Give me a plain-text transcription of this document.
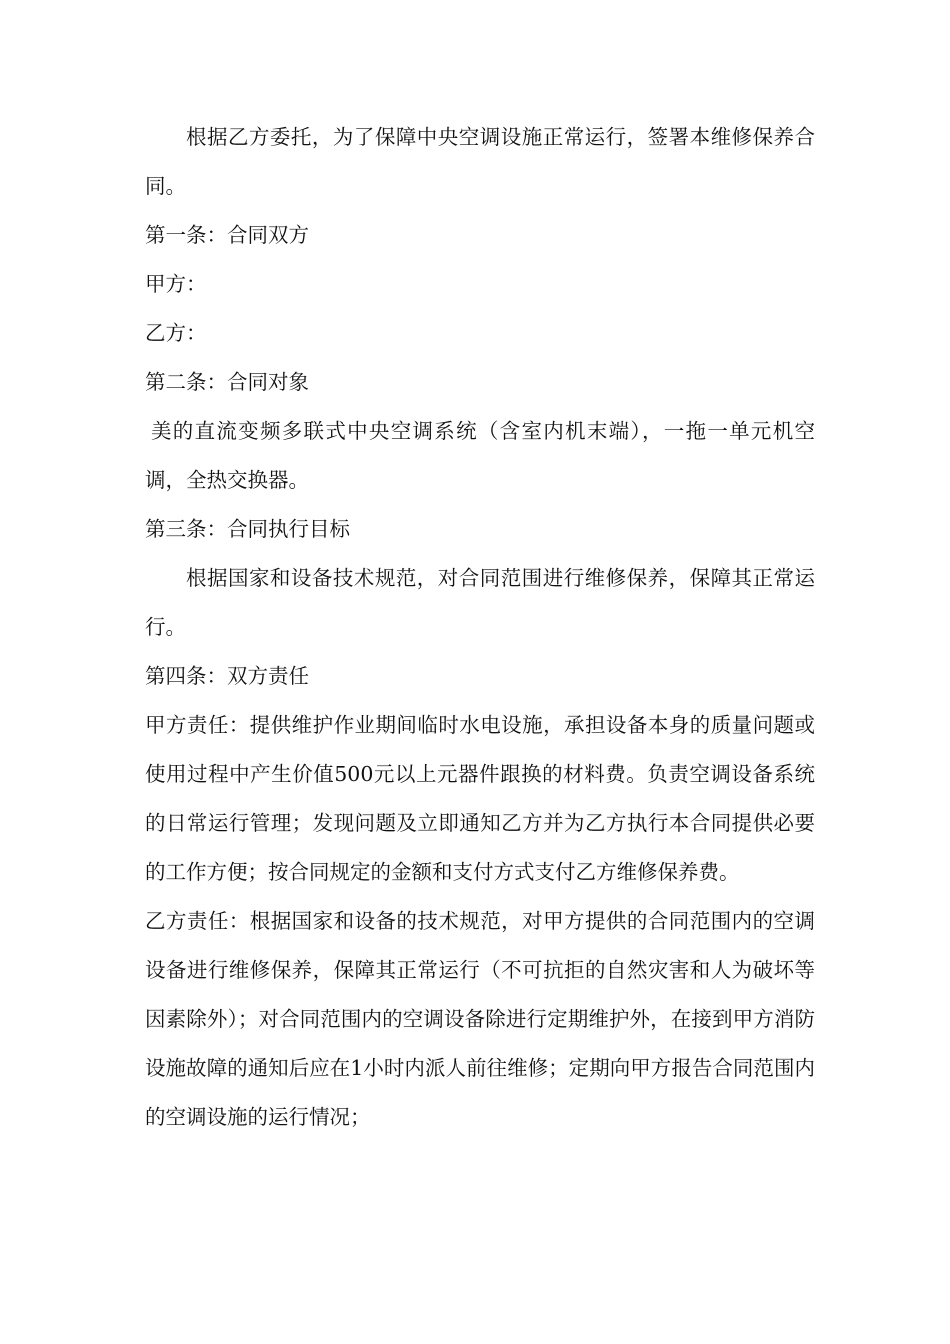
根据乙方委托，为了保障中央空调设施正常运行，签署本维修保养合同。

第一条：合同双方

甲方：

乙方：

第二条：合同对象

美的直流变频多联式中央空调系统（含室内机末端），一拖一单元机空调，全热交换器。

第三条：合同执行目标

根据国家和设备技术规范，对合同范围进行维修保养，保障其正常运行。

第四条：双方责任

甲方责任：提供维护作业期间临时水电设施，承担设备本身的质量问题或使用过程中产生价值500元以上元器件跟换的材料费。负责空调设备系统的日常运行管理；发现问题及立即通知乙方并为乙方执行本合同提供必要的工作方便；按合同规定的金额和支付方式支付乙方维修保养费。

乙方责任：根据国家和设备的技术规范，对甲方提供的合同范围内的空调设备进行维修保养，保障其正常运行（不可抗拒的自然灾害和人为破坏等因素除外）；对合同范围内的空调设备除进行定期维护外，在接到甲方消防设施故障的通知后应在1小时内派人前往维修；定期向甲方报告合同范围内的空调设施的运行情况；
